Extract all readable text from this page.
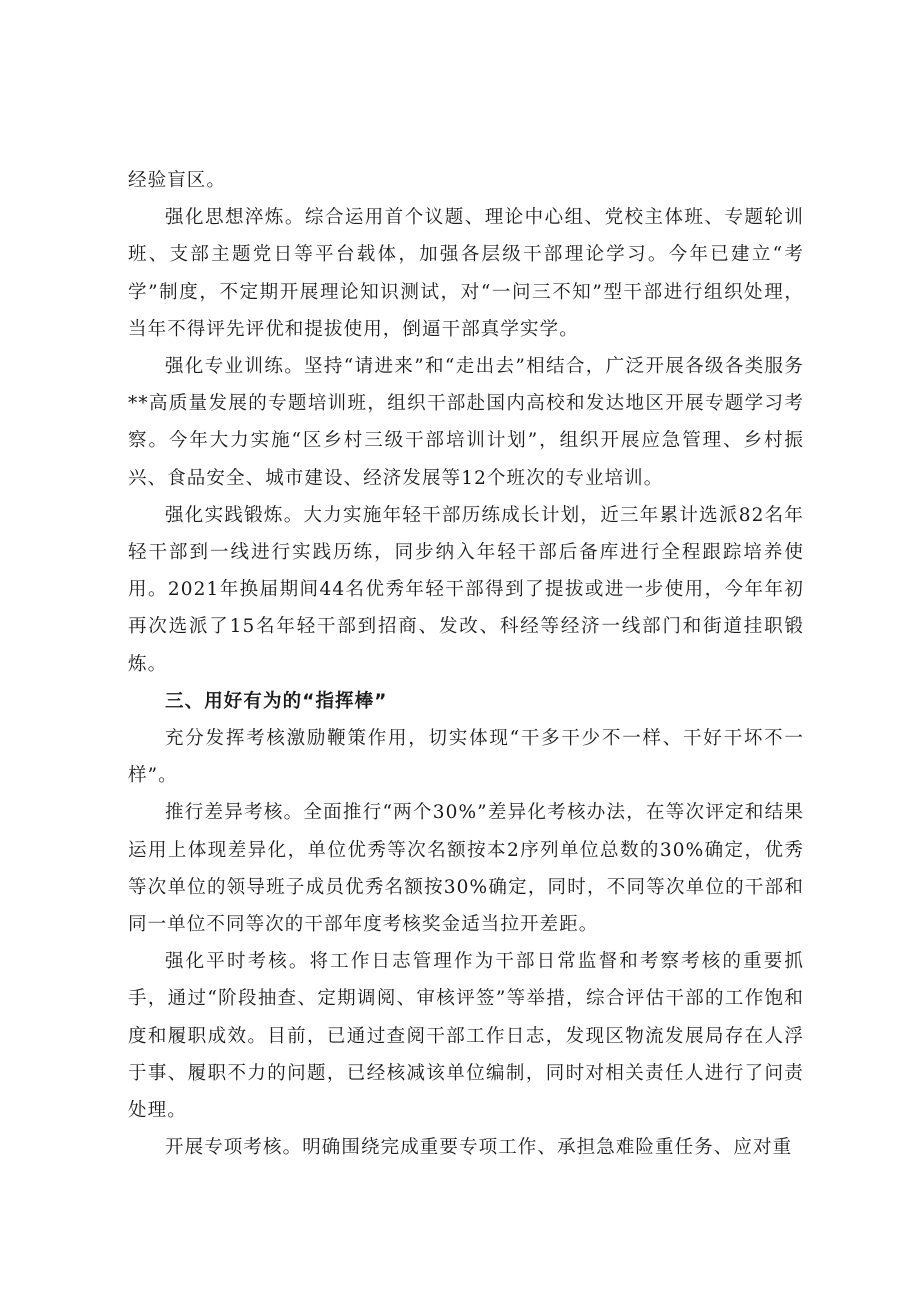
经验盲区。

强化思想淬炼。综合运用首个议题、理论中心组、党校主体班、专题轮训班、支部主题党日等平台载体，加强各层级干部理论学习。今年已建立“考学”制度，不定期开展理论知识测试，对“一问三不知”型干部进行组织处理，当年不得评先评优和提拔使用，倒逼干部真学实学。

强化专业训练。坚持“请进来”和“走出去”相结合，广泛开展各级各类服务**高质量发展的专题培训班，组织干部赴国内高校和发达地区开展专题学习考察。今年大力实施“区乡村三级干部培训计划”，组织开展应急管理、乡村振兴、食品安全、城市建设、经济发展等12个班次的专业培训。

强化实践锻炼。大力实施年轻干部历练成长计划，近三年累计选派82名年轻干部到一线进行实践历练，同步纳入年轻干部后备库进行全程跟踪培养使用。2021年换届期间44名优秀年轻干部得到了提拔或进一步使用，今年年初再次选派了15名年轻干部到招商、发改、科经等经济一线部门和街道挂职锻炼。

三、用好有为的“指挥棒”

充分发挥考核激励鞭策作用，切实体现“干多干少不一样、干好干坏不一样”。

推行差异考核。全面推行“两个30%”差异化考核办法，在等次评定和结果运用上体现差异化，单位优秀等次名额按本2序列单位总数的30%确定，优秀等次单位的领导班子成员优秀名额按30%确定，同时，不同等次单位的干部和同一单位不同等次的干部年度考核奖金适当拉开差距。

强化平时考核。将工作日志管理作为干部日常监督和考察考核的重要抓手，通过“阶段抽查、定期调阅、审核评签”等举措，综合评估干部的工作饱和度和履职成效。目前，已通过查阅干部工作日志，发现区物流发展局存在人浮于事、履职不力的问题，已经核减该单位编制，同时对相关责任人进行了问责处理。

开展专项考核。明确围绕完成重要专项工作、承担急难险重任务、应对重
